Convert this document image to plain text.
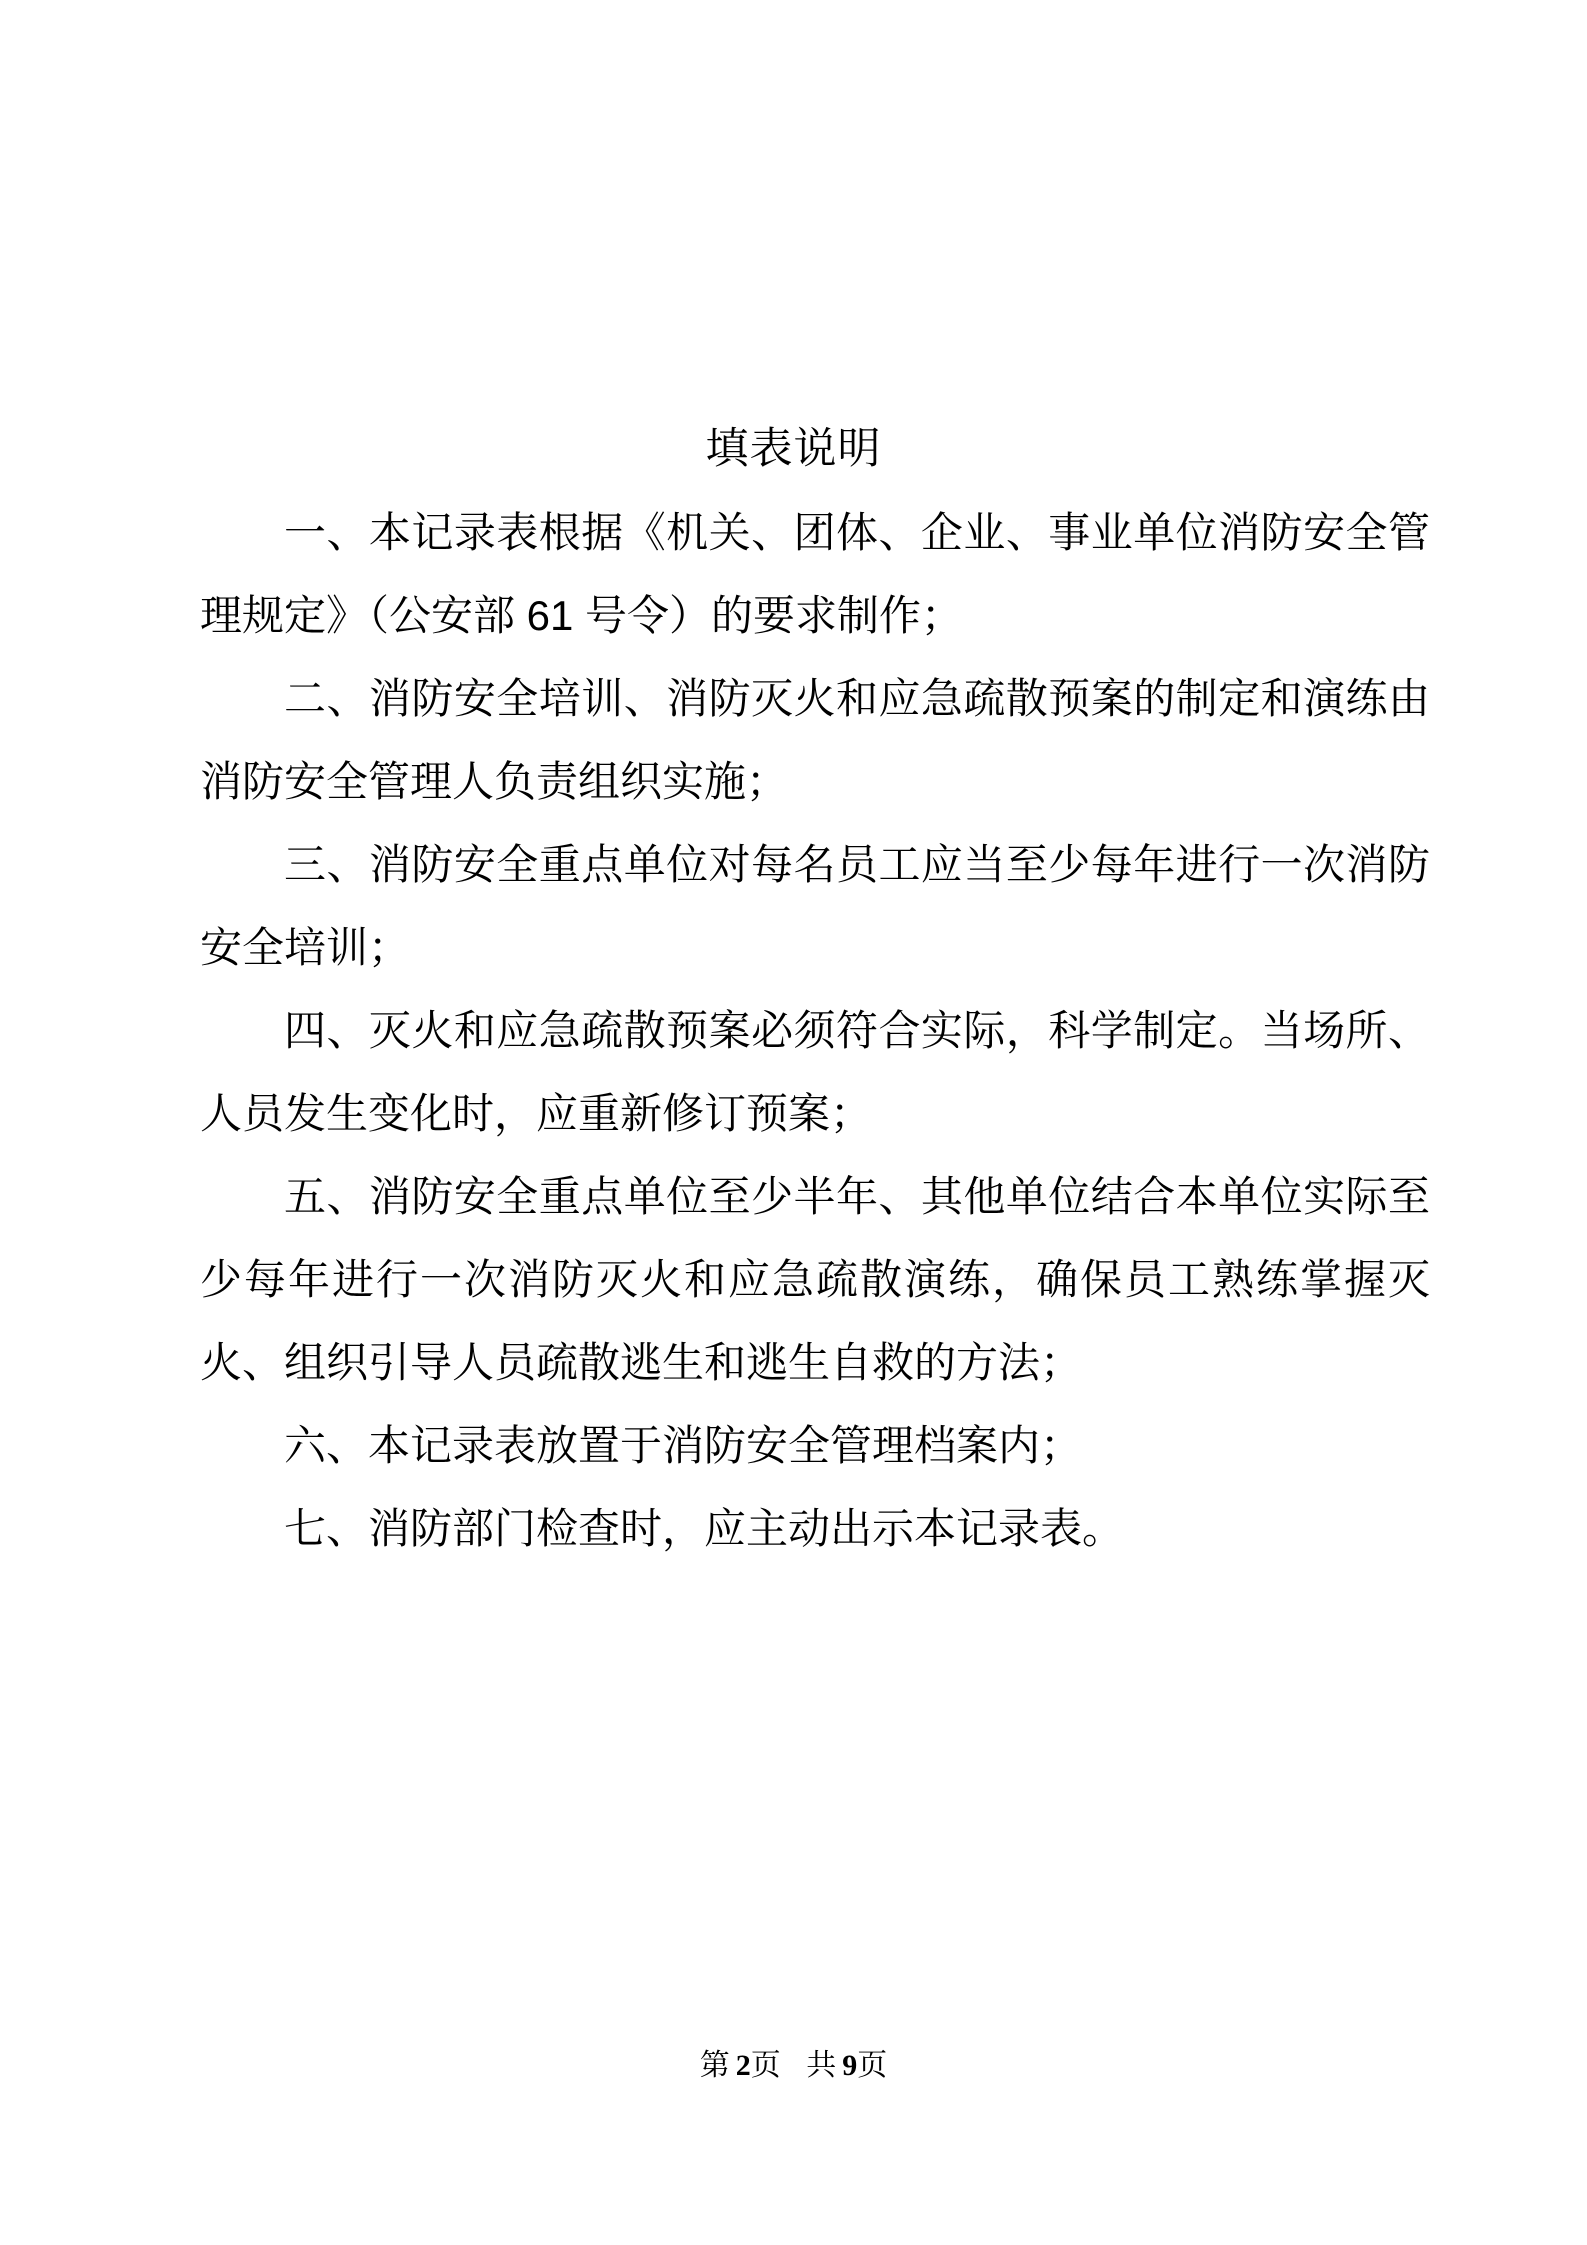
填表说明

一、本记录表根据《机关、团体、企业、事业单位消防安全管理规定》（公安部 61 号令）的要求制作；

二、消防安全培训、消防灭火和应急疏散预案的制定和演练由消防安全管理人负责组织实施；

三、消防安全重点单位对每名员工应当至少每年进行一次消防安全培训；

四、灭火和应急疏散预案必须符合实际，科学制定。当场所、人员发生变化时，应重新修订预案；

五、消防安全重点单位至少半年、其他单位结合本单位实际至少每年进行一次消防灭火和应急疏散演练，确保员工熟练掌握灭火、组织引导人员疏散逃生和逃生自救的方法；

六、本记录表放置于消防安全管理档案内；

七、消防部门检查时，应主动出示本记录表。

第 2页 共 9页
